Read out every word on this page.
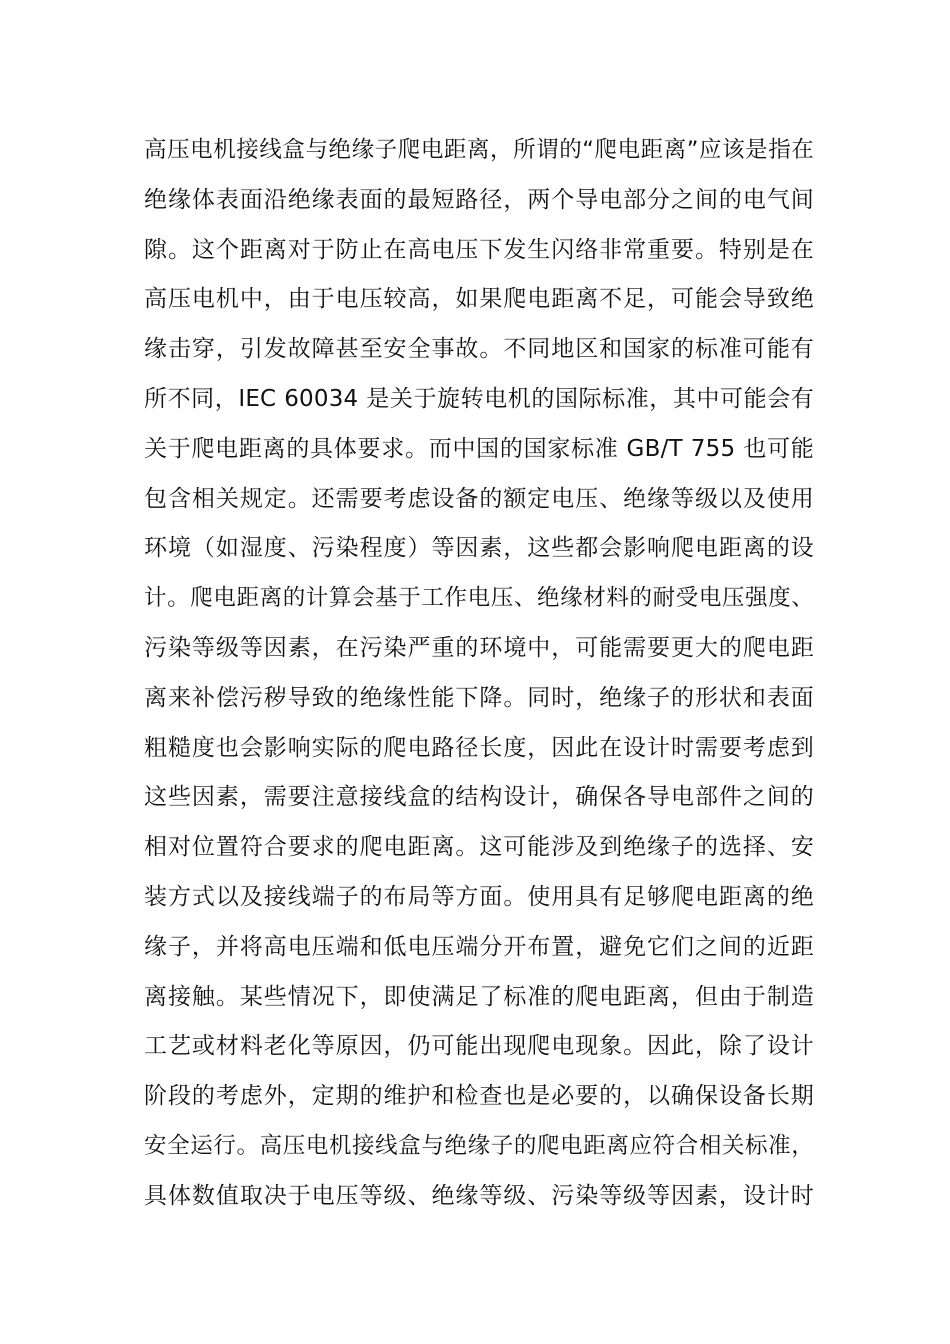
高压电机接线盒与绝缘子爬电距离，所谓的“爬电距离”应该是指在
绝缘体表面沿绝缘表面的最短路径，两个导电部分之间的电气间
隙。这个距离对于防止在高电压下发生闪络非常重要。特别是在
高压电机中，由于电压较高，如果爬电距离不足，可能会导致绝
缘击穿，引发故障甚至安全事故。不同地区和国家的标准可能有
所不同，IEC 60034 是关于旋转电机的国际标准，其中可能会有
关于爬电距离的具体要求。而中国的国家标准 GB/T 755 也可能
包含相关规定。还需要考虑设备的额定电压、绝缘等级以及使用
环境（如湿度、污染程度）等因素，这些都会影响爬电距离的设
计。爬电距离的计算会基于工作电压、绝缘材料的耐受电压强度、
污染等级等因素，在污染严重的环境中，可能需要更大的爬电距
离来补偿污秽导致的绝缘性能下降。同时，绝缘子的形状和表面
粗糙度也会影响实际的爬电路径长度，因此在设计时需要考虑到
这些因素，需要注意接线盒的结构设计，确保各导电部件之间的
相对位置符合要求的爬电距离。这可能涉及到绝缘子的选择、安
装方式以及接线端子的布局等方面。使用具有足够爬电距离的绝
缘子，并将高电压端和低电压端分开布置，避免它们之间的近距
离接触。某些情况下，即使满足了标准的爬电距离，但由于制造
工艺或材料老化等原因，仍可能出现爬电现象。因此，除了设计
阶段的考虑外，定期的维护和检查也是必要的，以确保设备长期
安全运行。高压电机接线盒与绝缘子的爬电距离应符合相关标准，
具体数值取决于电压等级、绝缘等级、污染等级等因素，设计时
